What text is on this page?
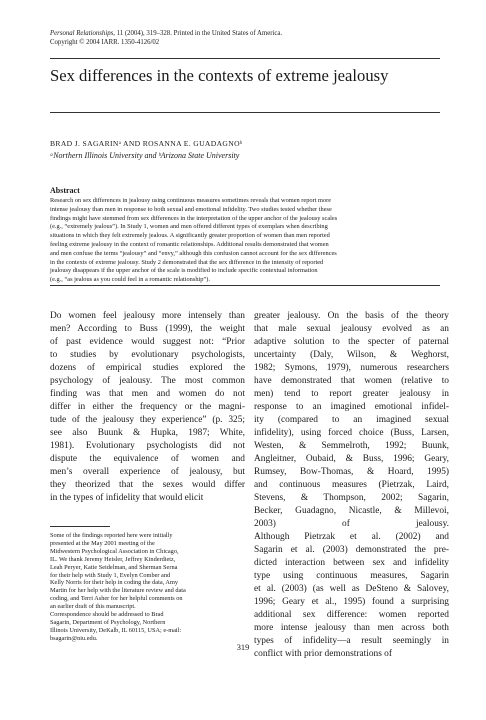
Personal Relationships, 11 (2004), 319–328. Printed in the United States of America.
Copyright © 2004 IARR. 1350-4126/02
Sex differences in the contexts of extreme jealousy
BRAD J. SAGARINᵃ AND ROSANNA E. GUADAGNOᵇ
ᵃNorthern Illinois University and ᵇArizona State University
Abstract
Research on sex differences in jealousy using continuous measures sometimes reveals that women report more
intense jealousy than men in response to both sexual and emotional infidelity. Two studies tested whether these
findings might have stemmed from sex differences in the interpretation of the upper anchor of the jealousy scales
(e.g., “extremely jealous”). In Study 1, women and men offered different types of exemplars when describing
situations in which they felt extremely jealous. A significantly greater proportion of women than men reported
feeling extreme jealousy in the context of romantic relationships. Additional results demonstrated that women
and men confuse the terms “jealousy” and “envy,” although this confusion cannot account for the sex differences
in the contexts of extreme jealousy. Study 2 demonstrated that the sex difference in the intensity of reported
jealousy disappears if the upper anchor of the scale is modified to include specific contextual information
(e.g., “as jealous as you could feel in a romantic relationship”).
Do women feel jealousy more intensely than
men? According to Buss (1999), the weight
of past evidence would suggest not: “Prior
to studies by evolutionary psychologists,
dozens of empirical studies explored the
psychology of jealousy. The most common
finding was that men and women do not
differ in either the frequency or the magni-
tude of the jealousy they experience” (p. 325;
see also Buunk & Hupka, 1987; White,
1981). Evolutionary psychologists did not
dispute the equivalence of women and
men’s overall experience of jealousy, but
they theorized that the sexes would differ
in the types of infidelity that would elicit
greater jealousy. On the basis of the theory
that male sexual jealousy evolved as an
adaptive solution to the specter of paternal
uncertainty (Daly, Wilson, & Weghorst,
1982; Symons, 1979), numerous researchers
have demonstrated that women (relative to
men) tend to report greater jealousy in
response to an imagined emotional infidel-
ity (compared to an imagined sexual
infidelity), using forced choice (Buss, Larsen,
Westen, & Semmelroth, 1992; Buunk,
Angleitner, Oubaid, & Buss, 1996; Geary,
Rumsey, Bow-Thomas, & Hoard, 1995)
and continuous measures (Pietrzak, Laird,
Stevens, & Thompson, 2002; Sagarin,
Becker, Guadagno, Nicastle, & Millevoi,
2003) of jealousy.
Although Pietrzak et al. (2002) and
Sagarin et al. (2003) demonstrated the pre-
dicted interaction between sex and infidelity
type using continuous measures, Sagarin
et al. (2003) (as well as DeSteno & Salovey,
1996; Geary et al., 1995) found a surprising
additional sex difference: women reported
more intense jealousy than men across both
types of infidelity—a result seemingly in
conflict with prior demonstrations of
Some of the findings reported here were initially
presented at the May 2001 meeting of the
Midwestern Psychological Association in Chicago,
IL. We thank Jeremy Heisler, Jeffrey Kinderdietz,
Leah Peryer, Katie Seidelman, and Sherman Serna
for their help with Study 1, Evelyn Comber and
Kelly Norris for their help in coding the data, Amy
Martin for her help with the literature review and data
coding, and Terri Asher for her helpful comments on
an earlier draft of this manuscript.
Correspondence should be addressed to Brad
Sagarin, Department of Psychology, Northern
Illinois University, DeKalb, IL 60115, USA; e-mail:
bsagarin@niu.edu.
319
